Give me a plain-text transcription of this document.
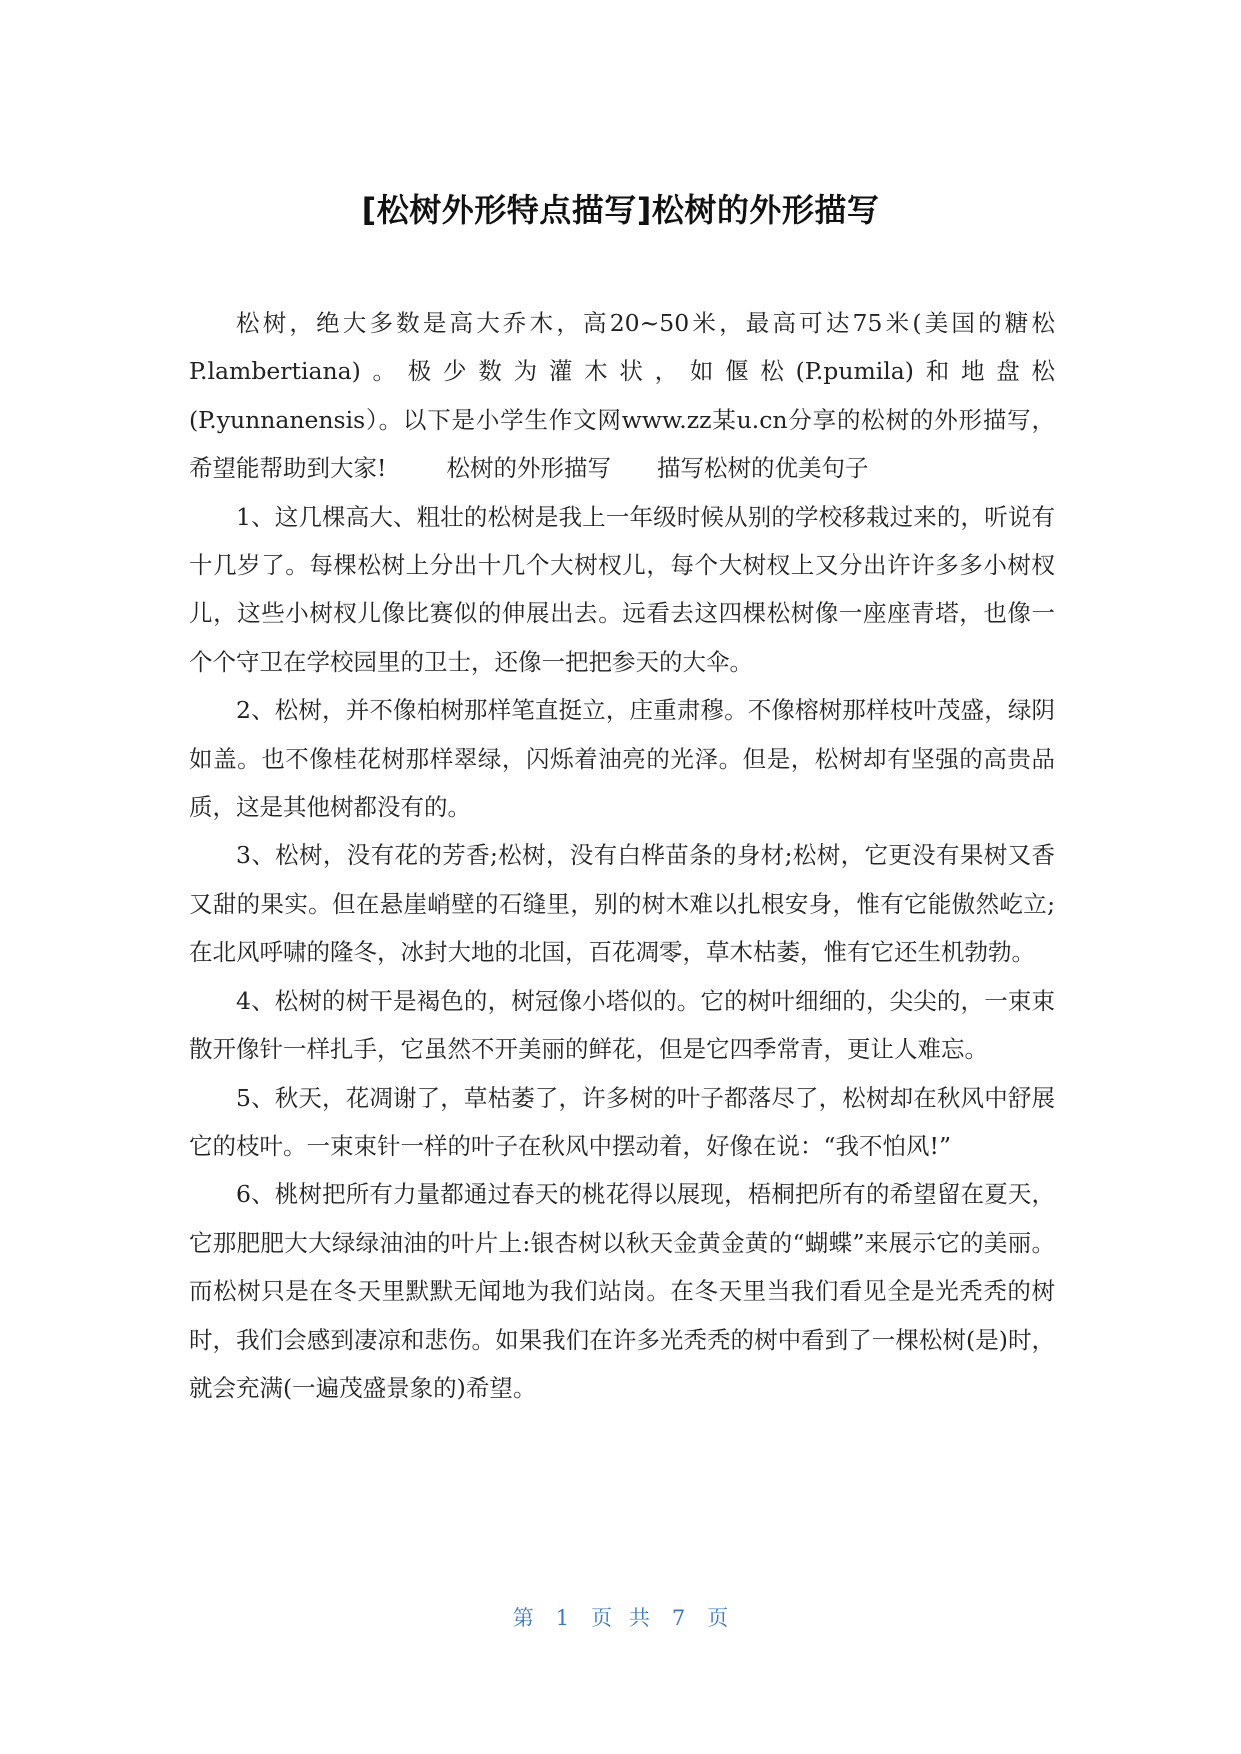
[松树外形特点描写]松树的外形描写

松树，绝大多数是高大乔木，高20~50米，最高可达75米(美国的糖松P.lambertiana)。极少数为灌木状，如偃松(P.pumila)和地盘松(P.yunnanensis）。以下是小学生作文网www.zz某u.cn分享的松树的外形描写，希望能帮助到大家!	松树的外形描写 描写松树的优美句子

1、这几棵高大、粗壮的松树是我上一年级时候从别的学校移栽过来的，听说有十几岁了。每棵松树上分出十几个大树杈儿，每个大树杈上又分出许许多多小树杈儿，这些小树杈儿像比赛似的伸展出去。远看去这四棵松树像一座座青塔，也像一个个守卫在学校园里的卫士，还像一把把参天的大伞。

2、松树，并不像柏树那样笔直挺立，庄重肃穆。不像榕树那样枝叶茂盛，绿阴如盖。也不像桂花树那样翠绿，闪烁着油亮的光泽。但是，松树却有坚强的高贵品质，这是其他树都没有的。

3、松树，没有花的芳香;松树，没有白桦苗条的身材;松树，它更没有果树又香又甜的果实。但在悬崖峭壁的石缝里，别的树木难以扎根安身，惟有它能傲然屹立;在北风呼啸的隆冬，冰封大地的北国，百花凋零，草木枯萎，惟有它还生机勃勃。

4、松树的树干是褐色的，树冠像小塔似的。它的树叶细细的，尖尖的，一束束散开像针一样扎手，它虽然不开美丽的鲜花，但是它四季常青，更让人难忘。

5、秋天，花凋谢了，草枯萎了，许多树的叶子都落尽了，松树却在秋风中舒展它的枝叶。一束束针一样的叶子在秋风中摆动着，好像在说：“我不怕风!”

6、桃树把所有力量都通过春天的桃花得以展现，梧桐把所有的希望留在夏天，它那肥肥大大绿绿油油的叶片上:银杏树以秋天金黄金黄的“蝴蝶”来展示它的美丽。而松树只是在冬天里默默无闻地为我们站岗。在冬天里当我们看见全是光秃秃的树时，我们会感到凄凉和悲伤。如果我们在许多光秃秃的树中看到了一棵松树(是)时，就会充满(一遍茂盛景象的)希望。

第 1 页 共 7 页
